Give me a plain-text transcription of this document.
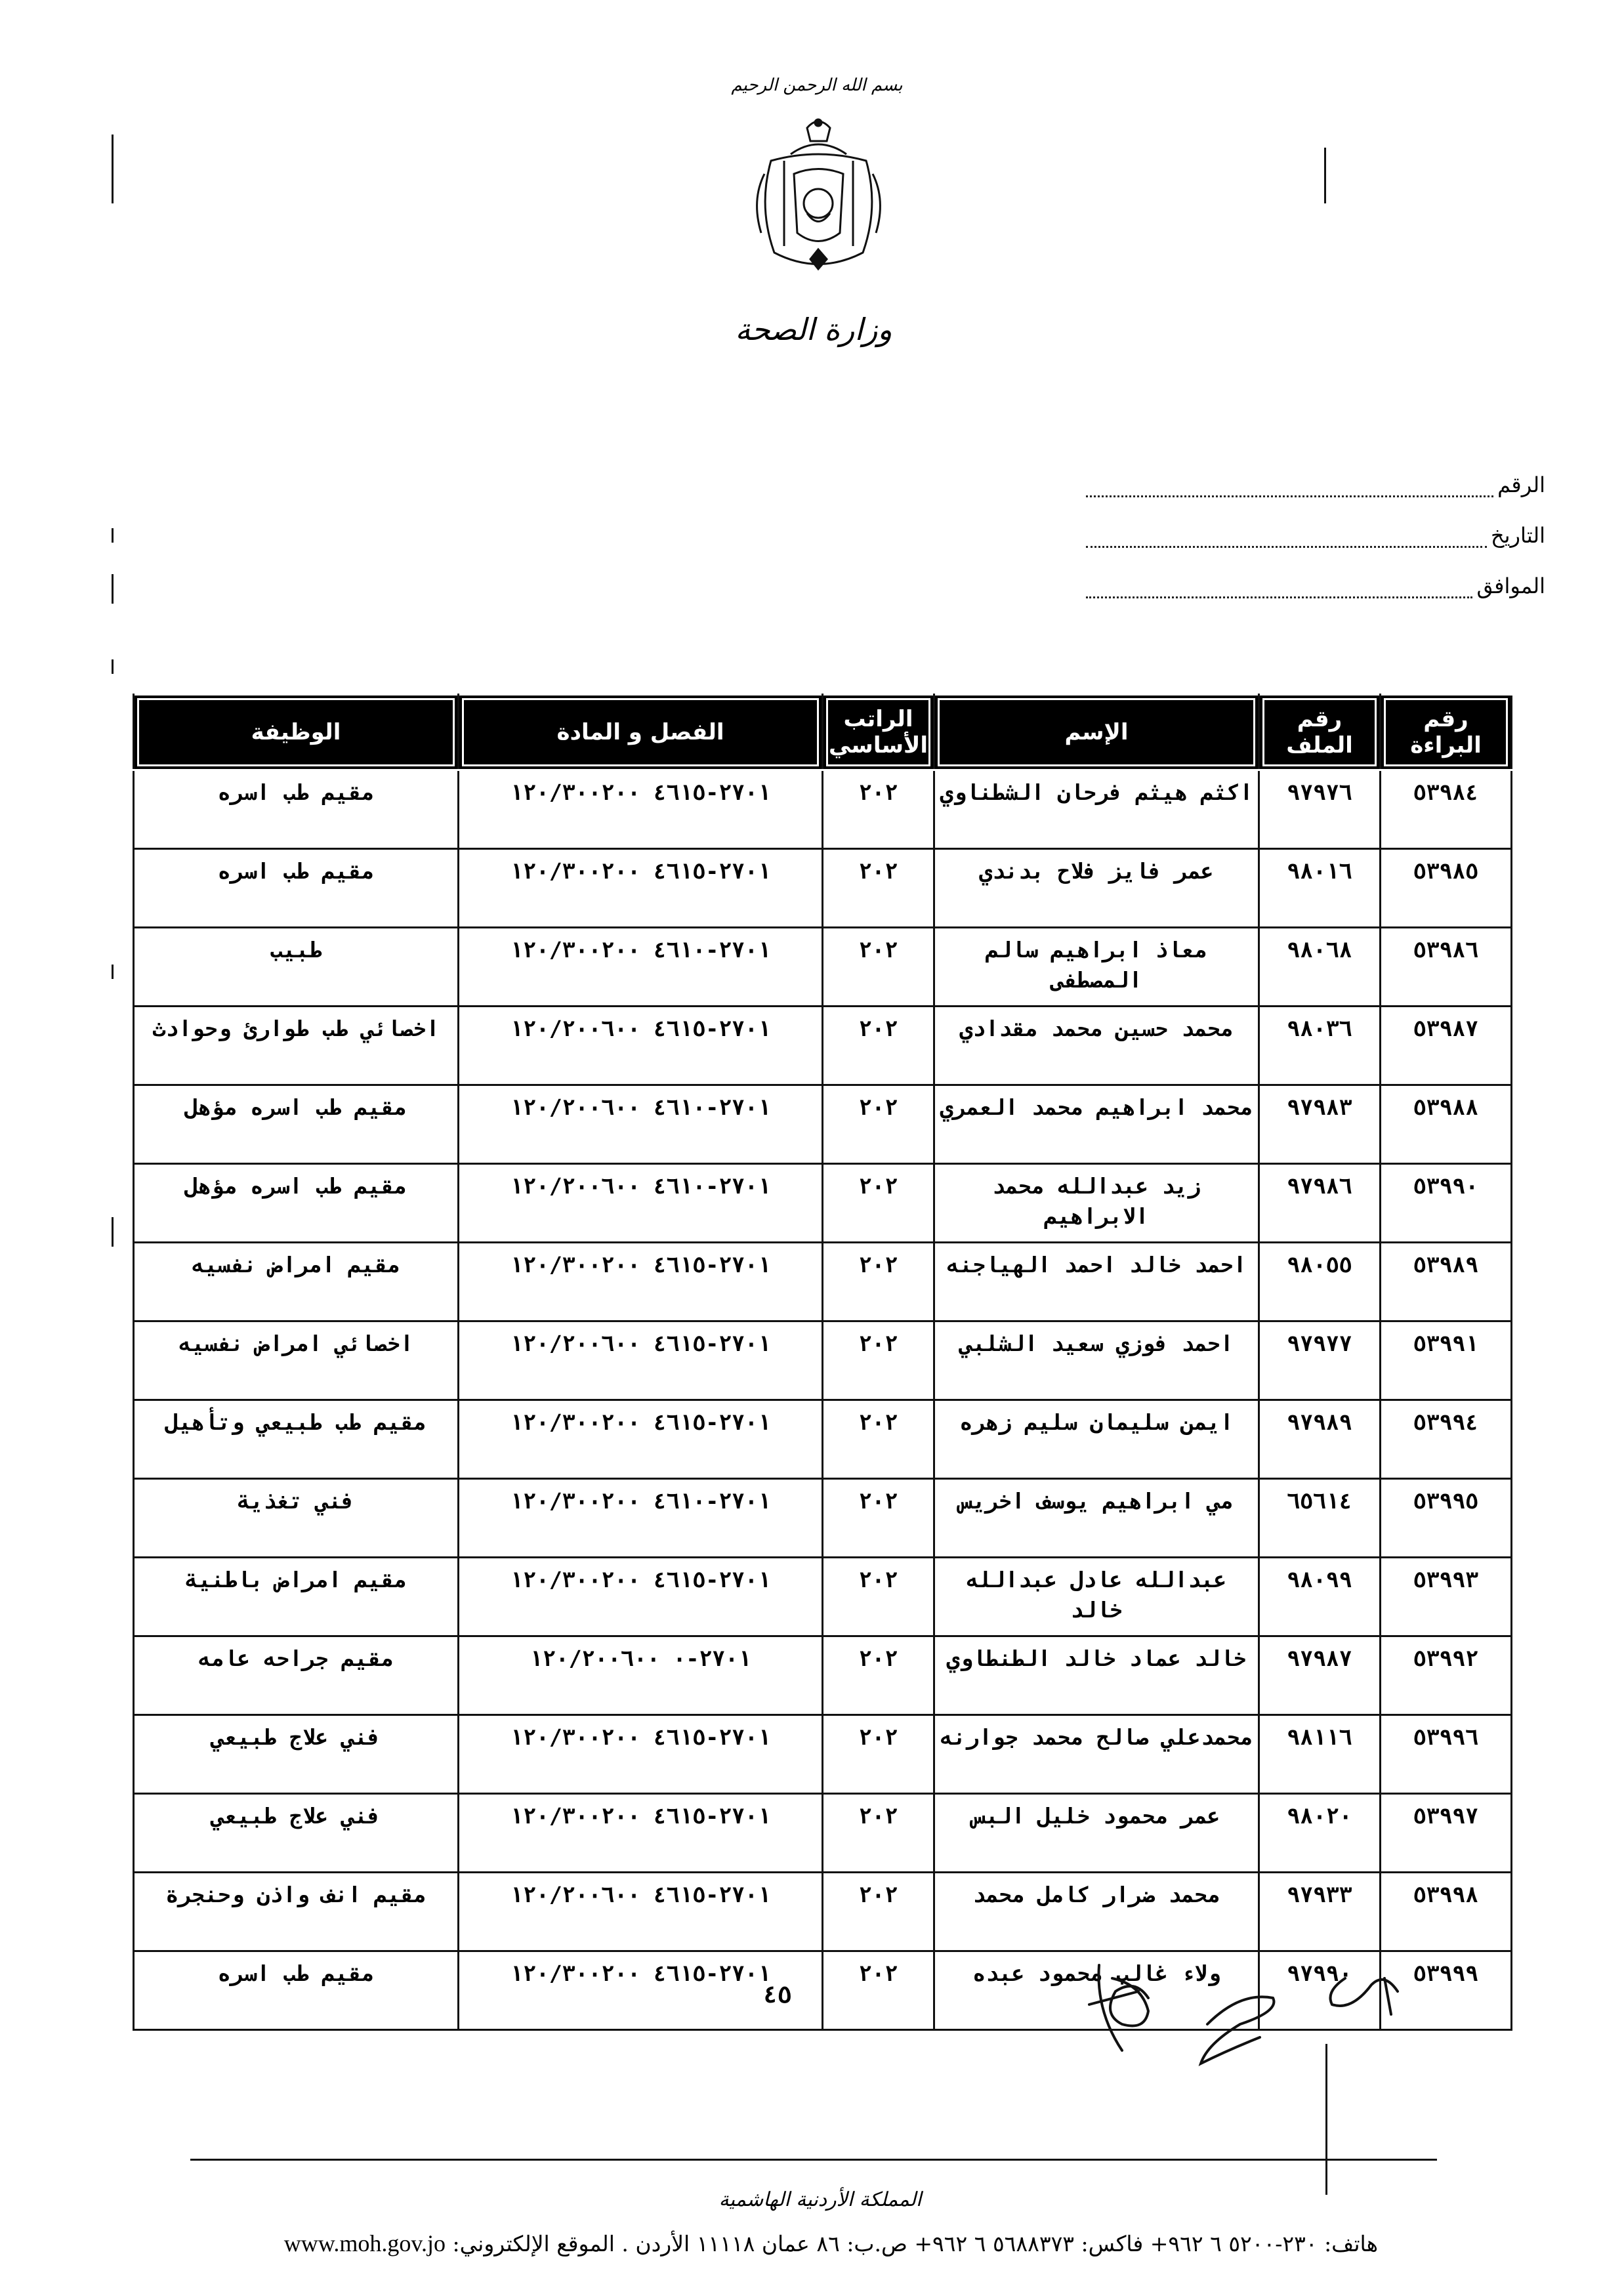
بسم الله الرحمن الرحيم
وزارة الصحة
الرقم
التاريخ
الموافق
رقم البراءة	رقم الملف	الإسم	الراتب الأساسي	الفصل و المادة	الوظيفة
٥٣٩٨٤	٩٧٩٧٦	اكثم هيثم فرحان الشطناوي	٢٠٢	٢٧٠١-٤٦١٥ ١٢٠/٣٠٠٢٠٠	مقيم طب اسره
٥٣٩٨٥	٩٨٠١٦	عمر فايز فلاح بدندي	٢٠٢	٢٧٠١-٤٦١٥ ١٢٠/٣٠٠٢٠٠	مقيم طب اسره
٥٣٩٨٦	٩٨٠٦٨	معاذ ابراهيم سالم المصطفى	٢٠٢	٢٧٠١-٤٦١٠ ١٢٠/٣٠٠٢٠٠	طبيب
٥٣٩٨٧	٩٨٠٣٦	محمد حسين محمد مقدادي	٢٠٢	٢٧٠١-٤٦١٥ ١٢٠/٢٠٠٦٠٠	اخصائي طب طوارئ وحوادث
٥٣٩٨٨	٩٧٩٨٣	محمد ابراهيم محمد العمري	٢٠٢	٢٧٠١-٤٦١٠ ١٢٠/٢٠٠٦٠٠	مقيم طب اسره مؤهل
٥٣٩٩٠	٩٧٩٨٦	زيد عبدالله محمد الابراهيم	٢٠٢	٢٧٠١-٤٦١٠ ١٢٠/٢٠٠٦٠٠	مقيم طب اسره مؤهل
٥٣٩٨٩	٩٨٠٥٥	احمد خالد احمد الهياجنه	٢٠٢	٢٧٠١-٤٦١٥ ١٢٠/٣٠٠٢٠٠	مقيم امراض نفسيه
٥٣٩٩١	٩٧٩٧٧	احمد فوزي سعيد الشلبي	٢٠٢	٢٧٠١-٤٦١٥ ١٢٠/٢٠٠٦٠٠	اخصائي امراض نفسيه
٥٣٩٩٤	٩٧٩٨٩	ايمن سليمان سليم زهره	٢٠٢	٢٧٠١-٤٦١٥ ١٢٠/٣٠٠٢٠٠	مقيم طب طبيعي وتأهيل
٥٣٩٩٥	٦٥٦١٤	مي ابراهيم يوسف اخريس	٢٠٢	٢٧٠١-٤٦١٠ ١٢٠/٣٠٠٢٠٠	فني تغذية
٥٣٩٩٣	٩٨٠٩٩	عبدالله عادل عبدالله خالد	٢٠٢	٢٧٠١-٤٦١٥ ١٢٠/٣٠٠٢٠٠	مقيم امراض باطنية
٥٣٩٩٢	٩٧٩٨٧	خالد عماد خالد الطنطاوي	٢٠٢	٢٧٠١-٠ ١٢٠/٢٠٠٦٠٠	مقيم جراحه عامه
٥٣٩٩٦	٩٨١١٦	محمدعلي صالح محمد جوارنه	٢٠٢	٢٧٠١-٤٦١٥ ١٢٠/٣٠٠٢٠٠	فني علاج طبيعي
٥٣٩٩٧	٩٨٠٢٠	عمر محمود خليل البس	٢٠٢	٢٧٠١-٤٦١٥ ١٢٠/٣٠٠٢٠٠	فني علاج طبيعي
٥٣٩٩٨	٩٧٩٣٣	محمد ضرار كامل محمد	٢٠٢	٢٧٠١-٤٦١٥ ١٢٠/٢٠٠٦٠٠	مقيم انف واذن وحنجرة
٥٣٩٩٩	٩٧٩٩٠	ولاء غالب محمود عبده	٢٠٢	٢٧٠١-٤٦١٥ ١٢٠/٣٠٠٢٠٠	مقيم طب اسره
٤٥
المملكة الأردنية الهاشمية
هاتف: ٢٣٠-٥٢٠٠ ٦ ٩٦٢+ فاكس: ٥٦٨٨٣٧٣ ٦ ٩٦٢+ ص.ب: ٨٦ عمان ١١١١٨ الأردن . الموقع الإلكتروني: www.moh.gov.jo
